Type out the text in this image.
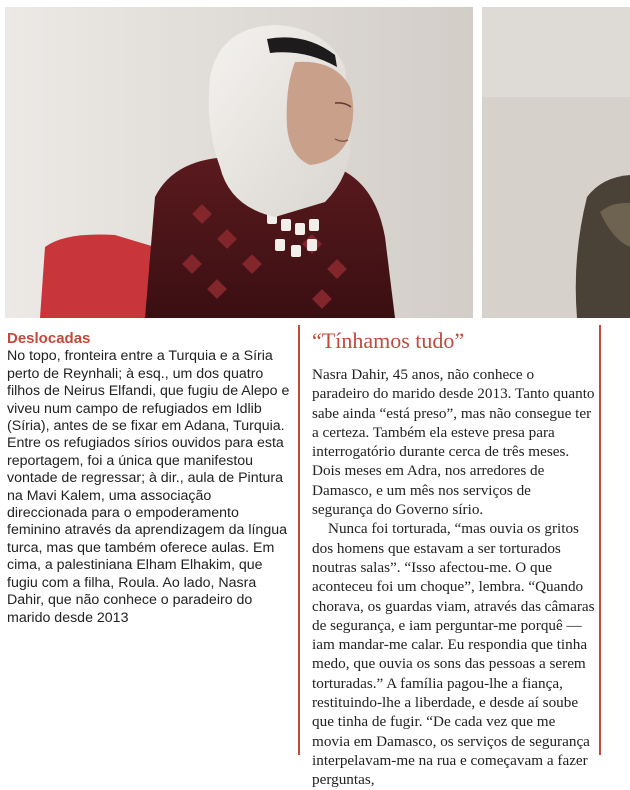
Deslocadas
No topo, fronteira entre a Turquia e a Síria perto de Reynhali; à esq., um dos quatro filhos de Neirus Elfandi, que fugiu de Alepo e viveu num campo de refugiados em Idlib (Síria), antes de se fixar em Adana, Turquia. Entre os refugiados sírios ouvidos para esta reportagem, foi a única que manifestou vontade de regressar; à dir., aula de Pintura na Mavi Kalem, uma associação direccionada para o empoderamento feminino através da aprendizagem da língua turca, mas que também oferece aulas. Em cima, a palestiniana Elham Elhakim, que fugiu com a filha, Roula. Ao lado, Nasra Dahir, que não conhece o paradeiro do marido desde 2013
“Tínhamos tudo”

Nasra Dahir, 45 anos, não conhece o paradeiro do marido desde 2013. Tanto quanto sabe ainda “está preso”, mas não consegue ter a certeza. Também ela esteve presa para interrogatório durante cerca de três meses. Dois meses em Adra, nos arredores de Damasco, e um mês nos serviços de segurança do Governo sírio.

Nunca foi torturada, “mas ouvia os gritos dos homens que estavam a ser torturados noutras salas”. “Isso afectou-me. O que aconteceu foi um choque”, lembra. “Quando chorava, os guardas viam, através das câmaras de segurança, e iam perguntar-me porquê — iam mandar-me calar. Eu respondia que tinha medo, que ouvia os sons das pessoas a serem torturadas.” A família pagou-lhe a fiança, restituindo-lhe a liberdade, e desde aí soube que tinha de fugir. “De cada vez que me movia em Damasco, os serviços de segurança interpelavam-me na rua e começavam a fazer perguntas,
